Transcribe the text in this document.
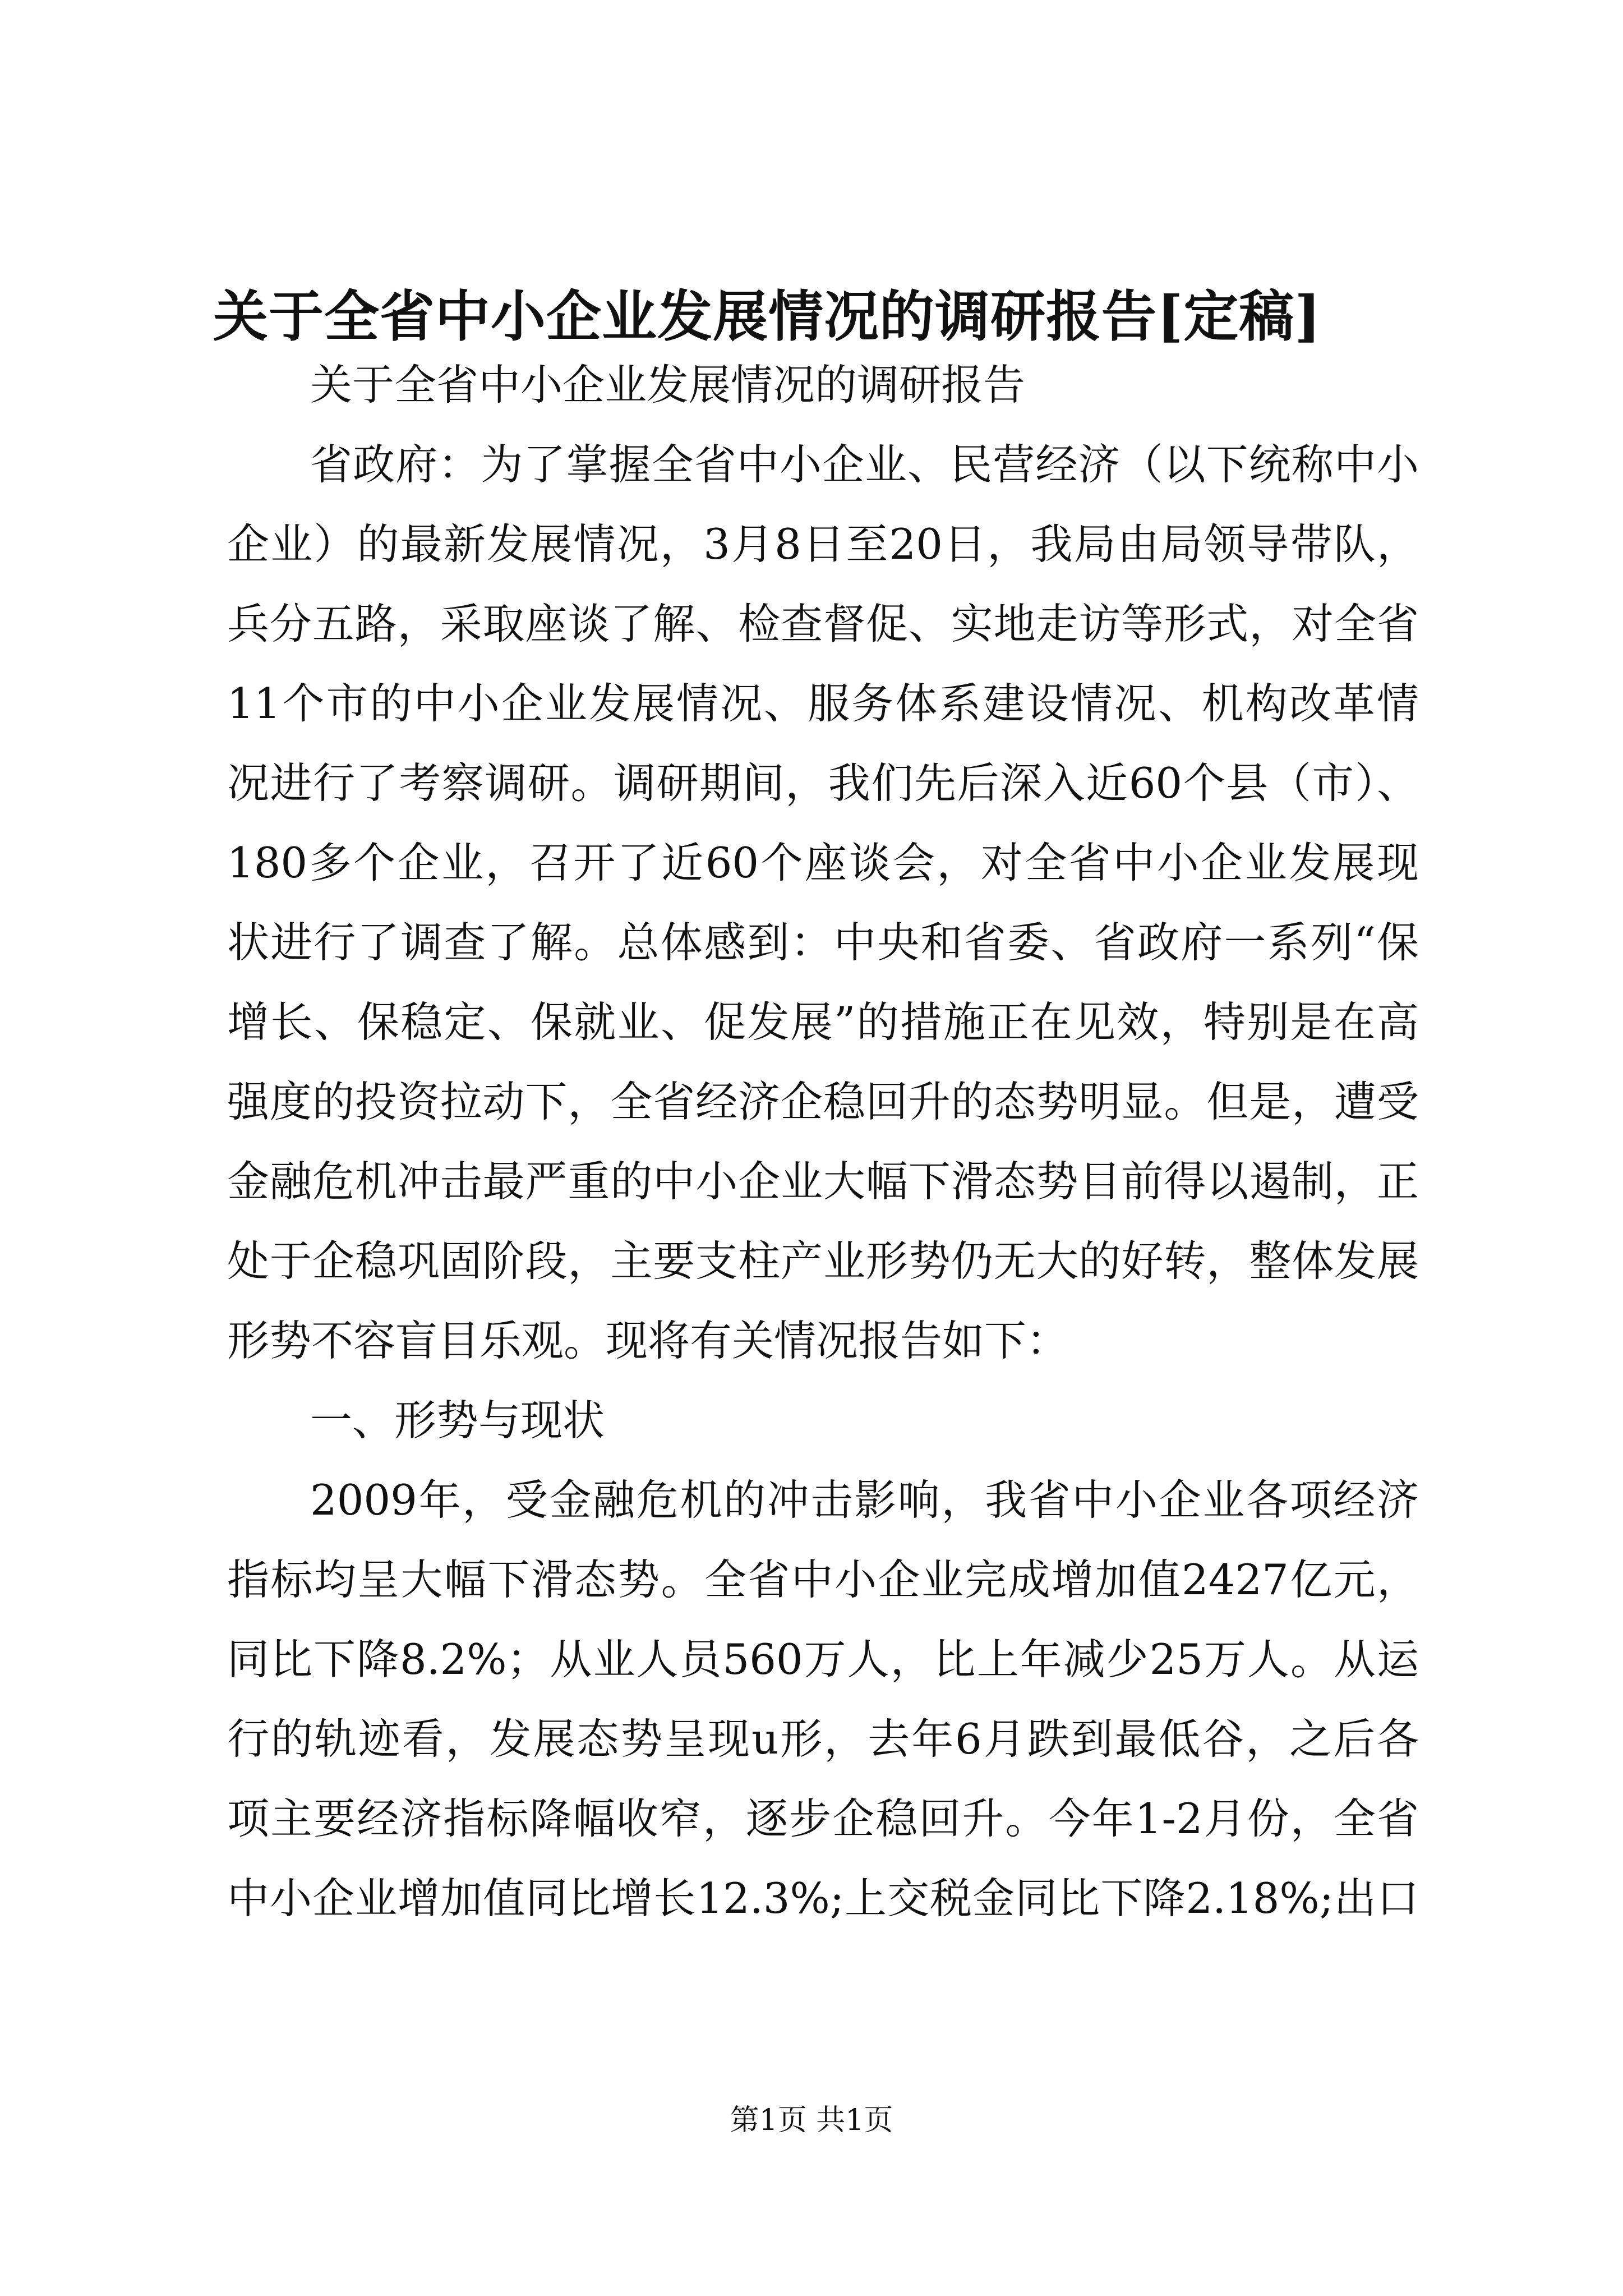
关于全省中小企业发展情况的调研报告[定稿]
关于全省中小企业发展情况的调研报告
省政府：为了掌握全省中小企业、民营经济（以下统称中小
企业）的最新发展情况，3月8日至20日，我局由局领导带队，
兵分五路，采取座谈了解、检查督促、实地走访等形式，对全省
11个市的中小企业发展情况、服务体系建设情况、机构改革情
况进行了考察调研。调研期间，我们先后深入近60个县（市）、
180多个企业，召开了近60个座谈会，对全省中小企业发展现
状进行了调查了解。总体感到：中央和省委、省政府一系列“保
增长、保稳定、保就业、促发展”的措施正在见效，特别是在高
强度的投资拉动下，全省经济企稳回升的态势明显。但是，遭受
金融危机冲击最严重的中小企业大幅下滑态势目前得以遏制，正
处于企稳巩固阶段，主要支柱产业形势仍无大的好转，整体发展
形势不容盲目乐观。现将有关情况报告如下：
一、形势与现状
2009年，受金融危机的冲击影响，我省中小企业各项经济
指标均呈大幅下滑态势。全省中小企业完成增加值2427亿元，
同比下降8.2%；从业人员560万人，比上年减少25万人。从运
行的轨迹看，发展态势呈现u形，去年6月跌到最低谷，之后各
项主要经济指标降幅收窄，逐步企稳回升。今年1-2月份，全省
中小企业增加值同比增长12.3%;上交税金同比下降2.18%;出口
第1页 共1页
